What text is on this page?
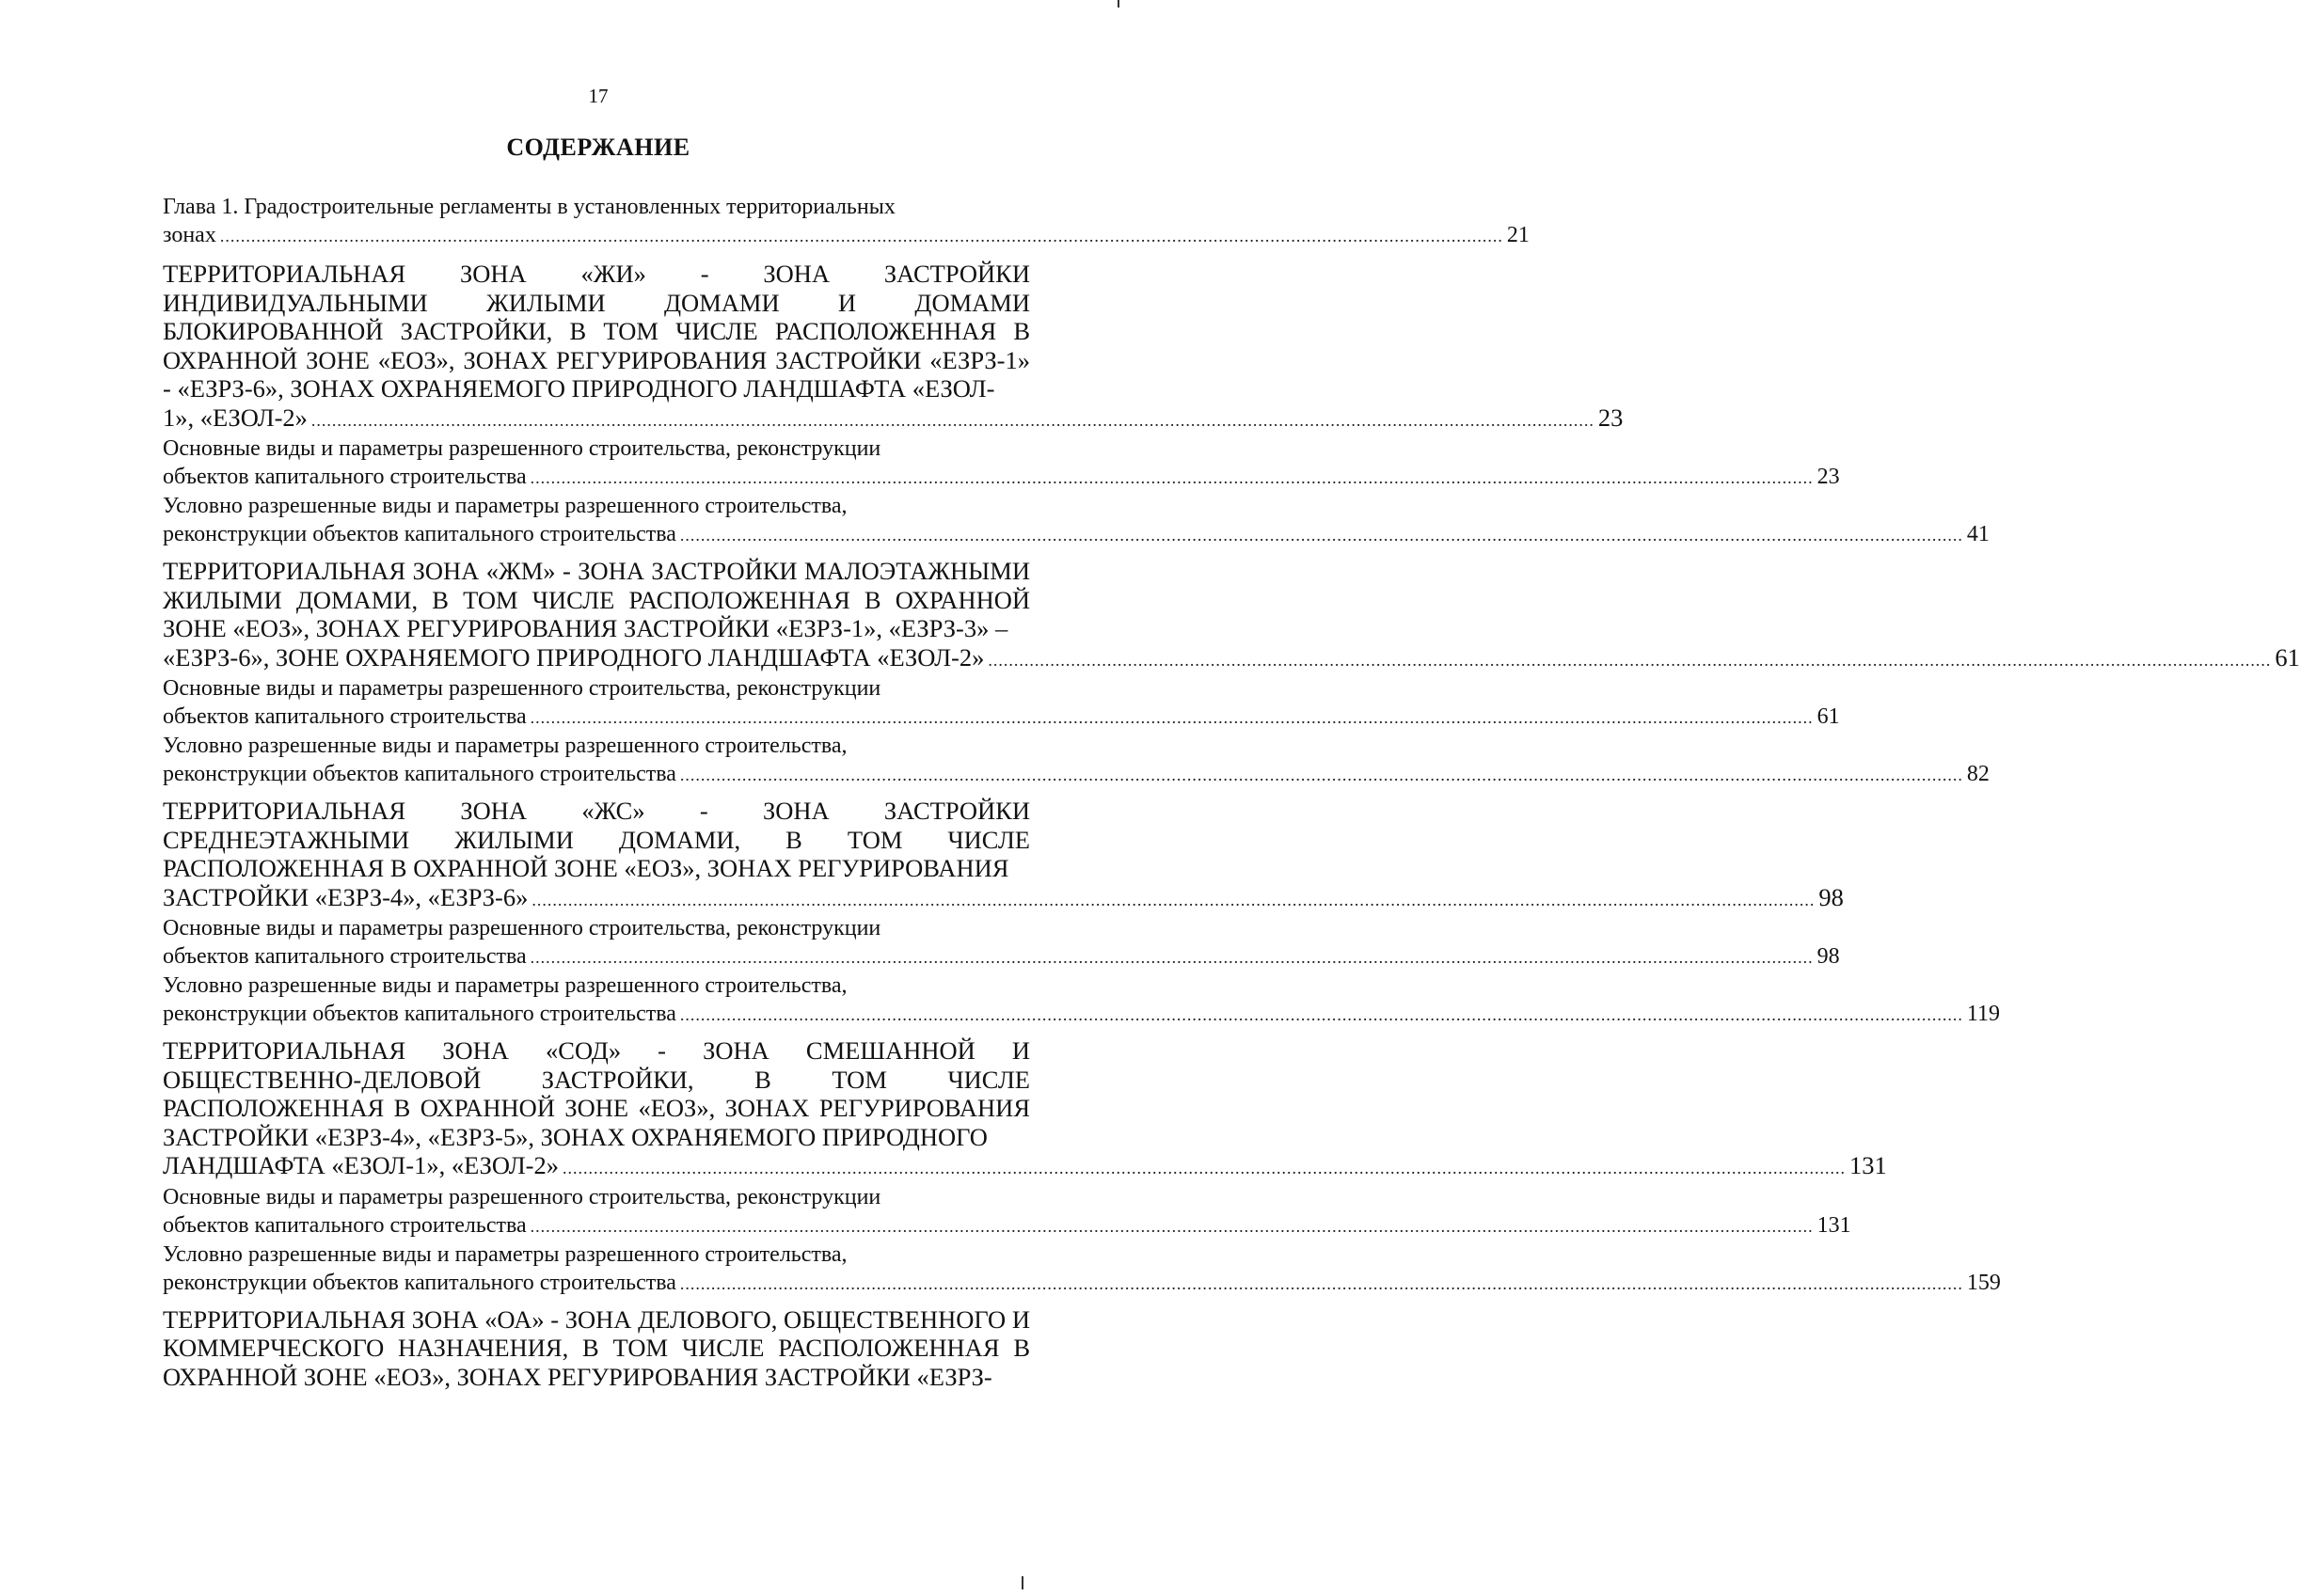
17
СОДЕРЖАНИЕ
Глава 1. Градостроительные регламенты в установленных территориальных
зонах ........................................................................................................................................................................................................................................................ 21
ТЕРРИТОРИАЛЬНАЯ ЗОНА «ЖИ» - ЗОНА ЗАСТРОЙКИ ИНДИВИДУАЛЬНЫМИ ЖИЛЫМИ ДОМАМИ И ДОМАМИ БЛОКИРОВАННОЙ ЗАСТРОЙКИ, В ТОМ ЧИСЛЕ РАСПОЛОЖЕННАЯ В ОХРАННОЙ ЗОНЕ «ЕОЗ», ЗОНАХ РЕГУРИРОВАНИЯ ЗАСТРОЙКИ «ЕЗРЗ-1» - «ЕЗРЗ-6», ЗОНАХ ОХРАНЯЕМОГО ПРИРОДНОГО ЛАНДШАФТА «ЕЗОЛ-
1», «ЕЗОЛ-2» ........................................................................................................................................................................................................................................................ 23
Основные виды и параметры разрешенного строительства, реконструкции
объектов капитального строительства ........................................................................................................................................................................................................................................................ 23
Условно разрешенные виды и параметры разрешенного строительства,
реконструкции объектов капитального строительства ........................................................................................................................................................................................................................................................ 41
ТЕРРИТОРИАЛЬНАЯ ЗОНА «ЖМ» - ЗОНА ЗАСТРОЙКИ МАЛОЭТАЖНЫМИ ЖИЛЫМИ ДОМАМИ, В ТОМ ЧИСЛЕ РАСПОЛОЖЕННАЯ В ОХРАННОЙ ЗОНЕ «ЕОЗ», ЗОНАХ РЕГУРИРОВАНИЯ ЗАСТРОЙКИ «ЕЗРЗ-1», «ЕЗРЗ-3» –
«ЕЗРЗ-6», ЗОНЕ ОХРАНЯЕМОГО ПРИРОДНОГО ЛАНДШАФТА «ЕЗОЛ-2» ........................................................................................................................................................................................................................................................ 61
Основные виды и параметры разрешенного строительства, реконструкции
объектов капитального строительства ........................................................................................................................................................................................................................................................ 61
Условно разрешенные виды и параметры разрешенного строительства,
реконструкции объектов капитального строительства ........................................................................................................................................................................................................................................................ 82
ТЕРРИТОРИАЛЬНАЯ ЗОНА «ЖС» - ЗОНА ЗАСТРОЙКИ СРЕДНЕЭТАЖНЫМИ ЖИЛЫМИ ДОМАМИ, В ТОМ ЧИСЛЕ РАСПОЛОЖЕННАЯ В ОХРАННОЙ ЗОНЕ «ЕОЗ», ЗОНАХ РЕГУРИРОВАНИЯ
ЗАСТРОЙКИ «ЕЗРЗ-4», «ЕЗРЗ-6» ........................................................................................................................................................................................................................................................ 98
Основные виды и параметры разрешенного строительства, реконструкции
объектов капитального строительства ........................................................................................................................................................................................................................................................ 98
Условно разрешенные виды и параметры разрешенного строительства,
реконструкции объектов капитального строительства ........................................................................................................................................................................................................................................................ 119
ТЕРРИТОРИАЛЬНАЯ ЗОНА «СОД» - ЗОНА СМЕШАННОЙ И ОБЩЕСТВЕННО-ДЕЛОВОЙ ЗАСТРОЙКИ, В ТОМ ЧИСЛЕ РАСПОЛОЖЕННАЯ В ОХРАННОЙ ЗОНЕ «ЕОЗ», ЗОНАХ РЕГУРИРОВАНИЯ ЗАСТРОЙКИ «ЕЗРЗ-4», «ЕЗРЗ-5», ЗОНАХ ОХРАНЯЕМОГО ПРИРОДНОГО
ЛАНДШАФТА «ЕЗОЛ-1», «ЕЗОЛ-2» ........................................................................................................................................................................................................................................................ 131
Основные виды и параметры разрешенного строительства, реконструкции
объектов капитального строительства ........................................................................................................................................................................................................................................................ 131
Условно разрешенные виды и параметры разрешенного строительства,
реконструкции объектов капитального строительства ........................................................................................................................................................................................................................................................ 159
ТЕРРИТОРИАЛЬНАЯ ЗОНА «ОА» - ЗОНА ДЕЛОВОГО, ОБЩЕСТВЕННОГО И КОММЕРЧЕСКОГО НАЗНАЧЕНИЯ, В ТОМ ЧИСЛЕ РАСПОЛОЖЕННАЯ В ОХРАННОЙ ЗОНЕ «ЕОЗ», ЗОНАХ РЕГУРИРОВАНИЯ ЗАСТРОЙКИ «ЕЗРЗ-
